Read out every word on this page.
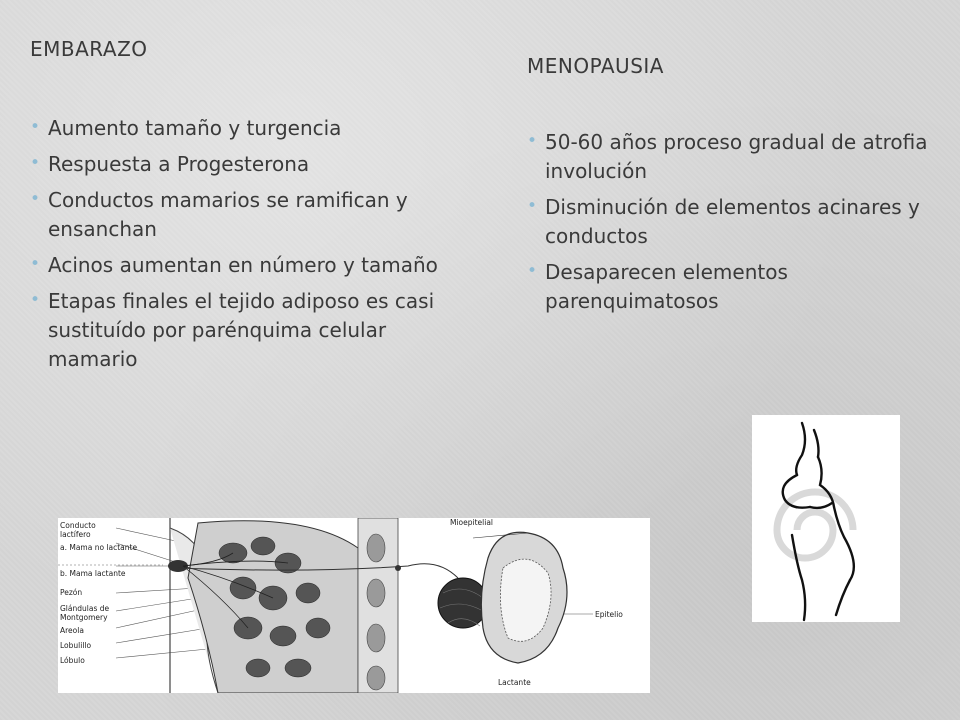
EMBARAZO
• Aumento tamaño y turgencia
• Respuesta a Progesterona
• Conductos mamarios se ramifican y ensanchan
• Acinos aumentan en número y tamaño
• Etapas finales el tejido adiposo es casi sustituído por parénquima celular mamario
MENOPAUSIA
• 50-60 años proceso gradual de atrofia involución
• Disminución de elementos acinares y conductos
• Desaparecen elementos parenquimatosos
Conducto
lactífero
a. Mama no lactante
b. Mama lactante
Pezón
Glándulas de
Montgomery
Areola
Lobulillo
Lóbulo
Mioepitelial
Epitelio
Lactante
